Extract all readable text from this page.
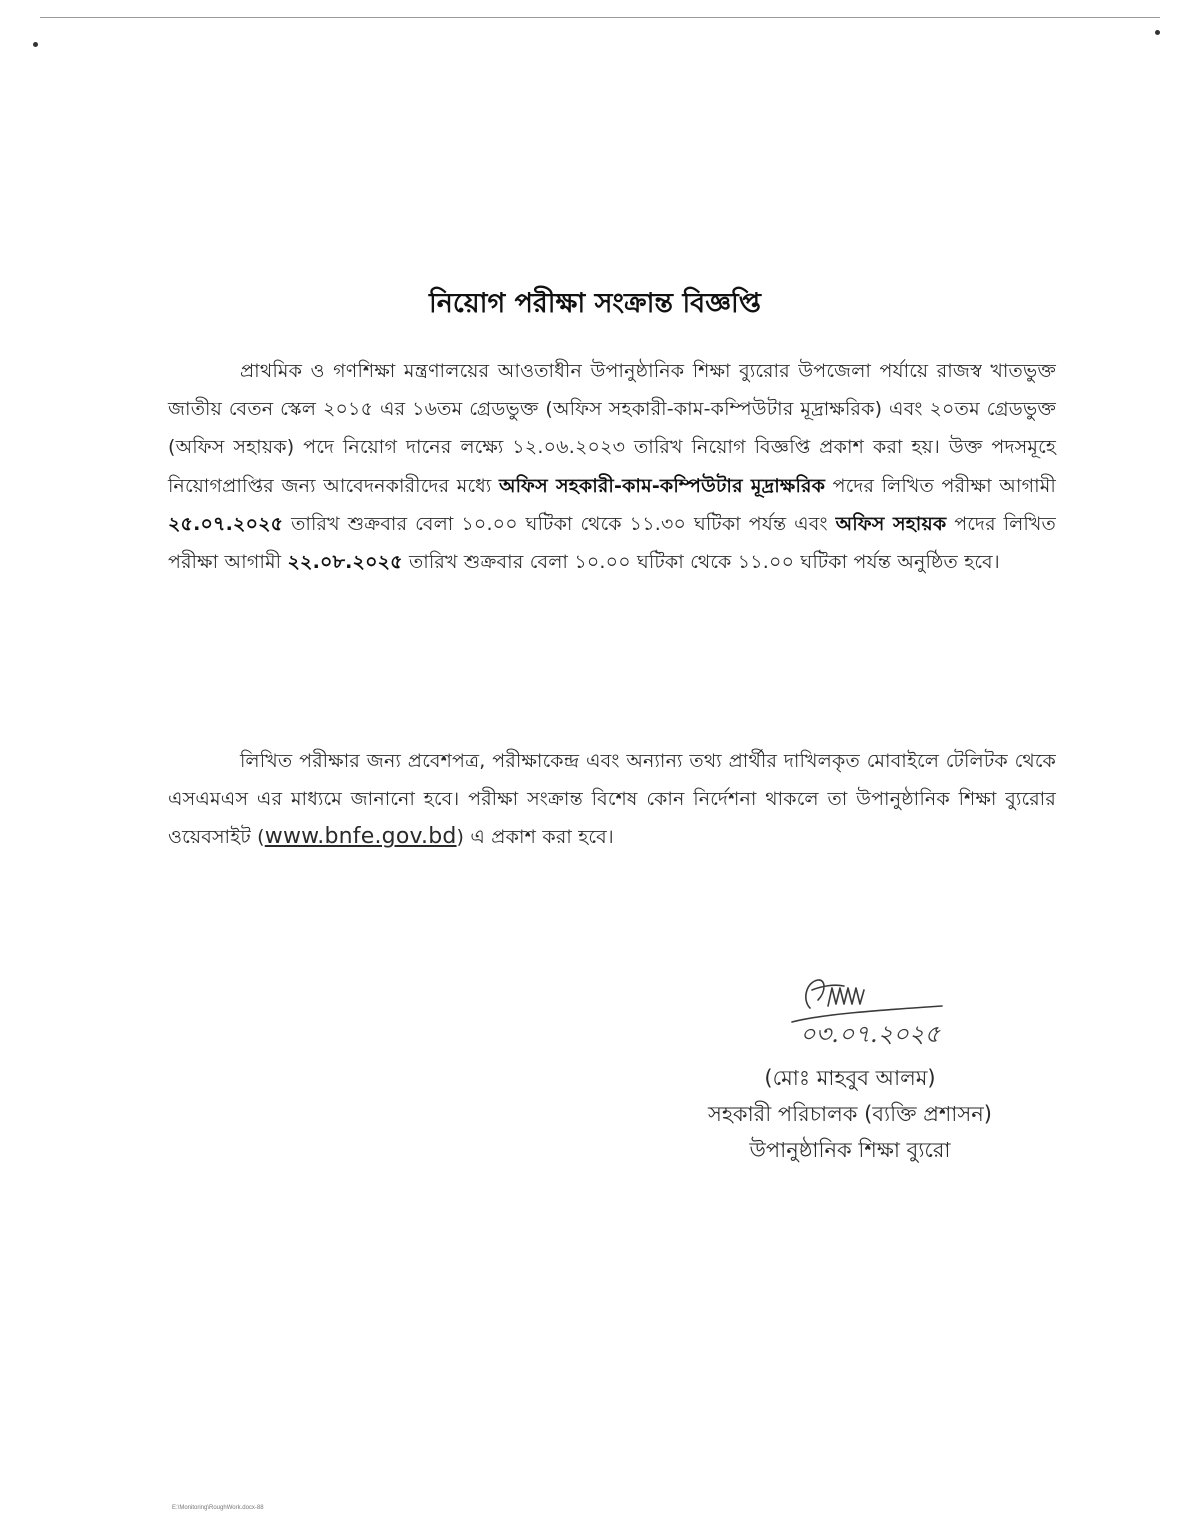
নিয়োগ পরীক্ষা সংক্রান্ত বিজ্ঞপ্তি

প্রাথমিক ও গণশিক্ষা মন্ত্রণালয়ের আওতাধীন উপানুষ্ঠানিক শিক্ষা ব্যুরোর উপজেলা পর্যায়ে রাজস্ব খাতভুক্ত জাতীয় বেতন স্কেল ২০১৫ এর ১৬তম গ্রেডভুক্ত (অফিস সহকারী-কাম-কম্পিউটার মূদ্রাক্ষরিক) এবং ২০তম গ্রেডভুক্ত (অফিস সহায়ক) পদে নিয়োগ দানের লক্ষ্যে ১২.০৬.২০২৩ তারিখ নিয়োগ বিজ্ঞপ্তি প্রকাশ করা হয়। উক্ত পদসমূহে নিয়োগপ্রাপ্তির জন্য আবেদনকারীদের মধ্যে অফিস সহকারী-কাম-কম্পিউটার মূদ্রাক্ষরিক পদের লিখিত পরীক্ষা আগামী ২৫.০৭.২০২৫ তারিখ শুক্রবার বেলা ১০.০০ ঘটিকা থেকে ১১.৩০ ঘটিকা পর্যন্ত এবং অফিস সহায়ক পদের লিখিত পরীক্ষা আগামী ২২.০৮.২০২৫ তারিখ শুক্রবার বেলা ১০.০০ ঘটিকা থেকে ১১.০০ ঘটিকা পর্যন্ত অনুষ্ঠিত হবে।

লিখিত পরীক্ষার জন্য প্রবেশপত্র, পরীক্ষাকেন্দ্র এবং অন্যান্য তথ্য প্রার্থীর দাখিলকৃত মোবাইলে টেলিটক থেকে এসএমএস এর মাধ্যমে জানানো হবে। পরীক্ষা সংক্রান্ত বিশেষ কোন নির্দেশনা থাকলে তা উপানুষ্ঠানিক শিক্ষা ব্যুরোর ওয়েবসাইট (www.bnfe.gov.bd) এ প্রকাশ করা হবে।

০৩.০৭.২০২৫
(মোঃ মাহবুব আলম)
সহকারী পরিচালক (ব্যক্তি প্রশাসন)
উপানুষ্ঠানিক শিক্ষা ব্যুরো
E:\Monitoring\RoughWork.docx-88
